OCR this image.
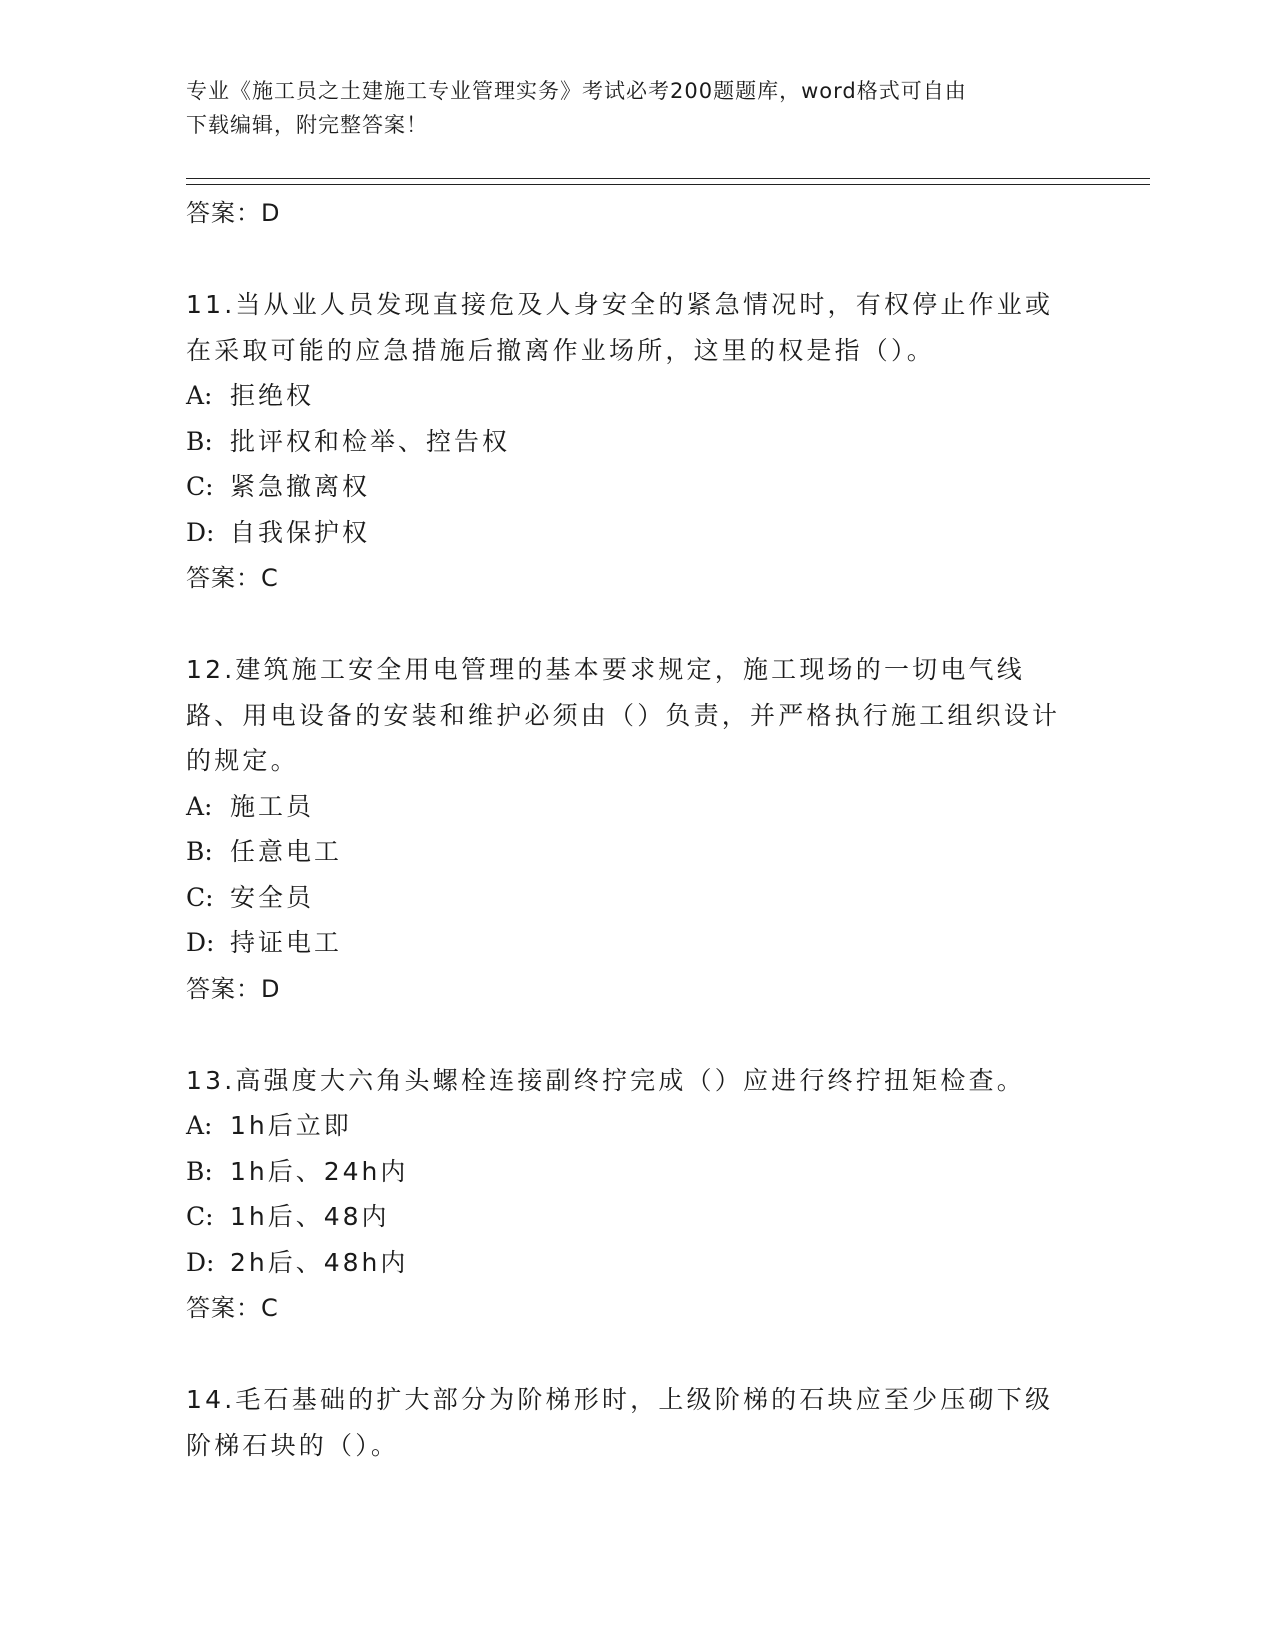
专业《施工员之土建施工专业管理实务》考试必考200题题库，word格式可自由
下载编辑，附完整答案！
答案：D

11.当从业人员发现直接危及人身安全的紧急情况时，有权停止作业或在采取可能的应急措施后撤离作业场所，这里的权是指（）。

A: 拒绝权
B: 批评权和检举、控告权
C: 紧急撤离权
D: 自我保护权
答案：C

12.建筑施工安全用电管理的基本要求规定，施工现场的一切电气线路、用电设备的安装和维护必须由（）负责，并严格执行施工组织设计的规定。

A: 施工员
B: 任意电工
C: 安全员
D: 持证电工
答案：D

13.高强度大六角头螺栓连接副终拧完成（）应进行终拧扭矩检查。

A: 1h后立即
B: 1h后、24h内
C: 1h后、48内
D: 2h后、48h内
答案：C

14.毛石基础的扩大部分为阶梯形时，上级阶梯的石块应至少压砌下级阶梯石块的（）。
